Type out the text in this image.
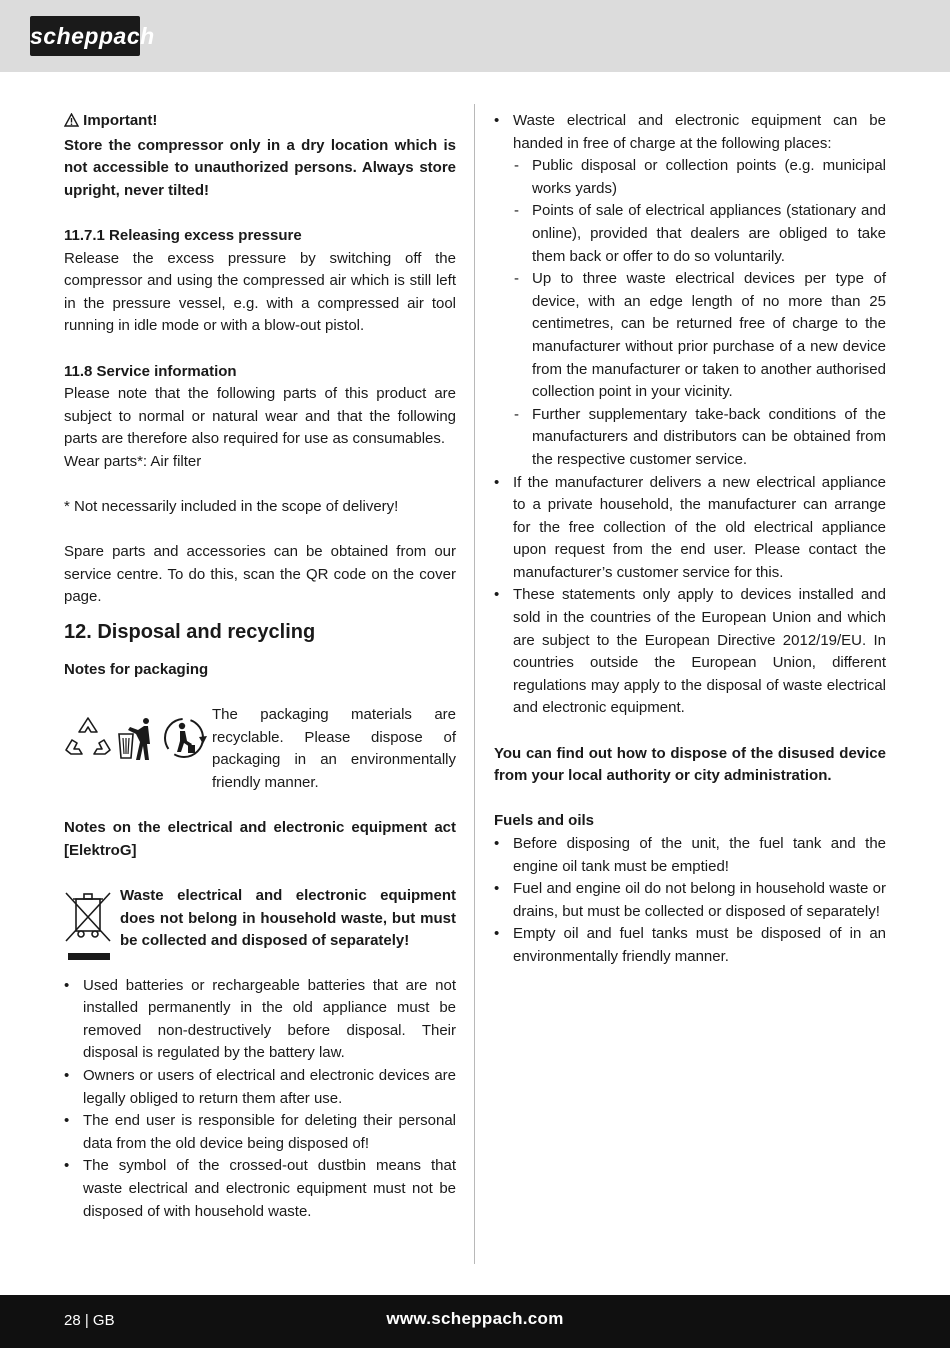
scheppach

Important!

Store the compressor only in a dry location which is not accessible to unauthorized persons. Always store upright, never tilted!

11.7.1 Releasing excess pressure

Release the excess pressure by switching off the compressor and using the compressed air which is still left in the pressure vessel, e.g. with a compressed air tool running in idle mode or with a blow-out pistol.

11.8 Service information

Please note that the following parts of this product are subject to normal or natural wear and that the following parts are therefore also required for use as consumables.

Wear parts*: Air filter

* Not necessarily included in the scope of delivery!

Spare parts and accessories can be obtained from our service centre. To do this, scan the QR code on the cover page.

12. Disposal and recycling

Notes for packaging

The packaging materials are recyclable. Please dispose of packaging in an environmentally friendly manner.

Notes on the electrical and electronic equipment act [ElektroG]

Waste electrical and electronic equipment does not belong in household waste, but must be collected and disposed of separately!

• Used batteries or rechargeable batteries that are not installed permanently in the old appliance must be removed non-destructively before disposal. Their disposal is regulated by the battery law.
• Owners or users of electrical and electronic devices are legally obliged to return them after use.
• The end user is responsible for deleting their personal data from the old device being disposed of!
• The symbol of the crossed-out dustbin means that waste electrical and electronic equipment must not be disposed of with household waste.
• Waste electrical and electronic equipment can be handed in free of charge at the following places:
- Public disposal or collection points (e.g. municipal works yards)
- Points of sale of electrical appliances (stationary and online), provided that dealers are obliged to take them back or offer to do so voluntarily.
- Up to three waste electrical devices per type of device, with an edge length of no more than 25 centimetres, can be returned free of charge to the manufacturer without prior purchase of a new device from the manufacturer or taken to another authorised collection point in your vicinity.
- Further supplementary take-back conditions of the manufacturers and distributors can be obtained from the respective customer service.
• If the manufacturer delivers a new electrical appliance to a private household, the manufacturer can arrange for the free collection of the old electrical appliance upon request from the end user. Please contact the manufacturer’s customer service for this.
• These statements only apply to devices installed and sold in the countries of the European Union and which are subject to the European Directive 2012/19/EU. In countries outside the European Union, different regulations may apply to the disposal of waste electrical and electronic equipment.

You can find out how to dispose of the disused device from your local authority or city administration.

Fuels and oils

• Before disposing of the unit, the fuel tank and the engine oil tank must be emptied!
• Fuel and engine oil do not belong in household waste or drains, but must be collected or disposed of separately!
• Empty oil and fuel tanks must be disposed of in an environmentally friendly manner.
28 | GB	www.scheppach.com
